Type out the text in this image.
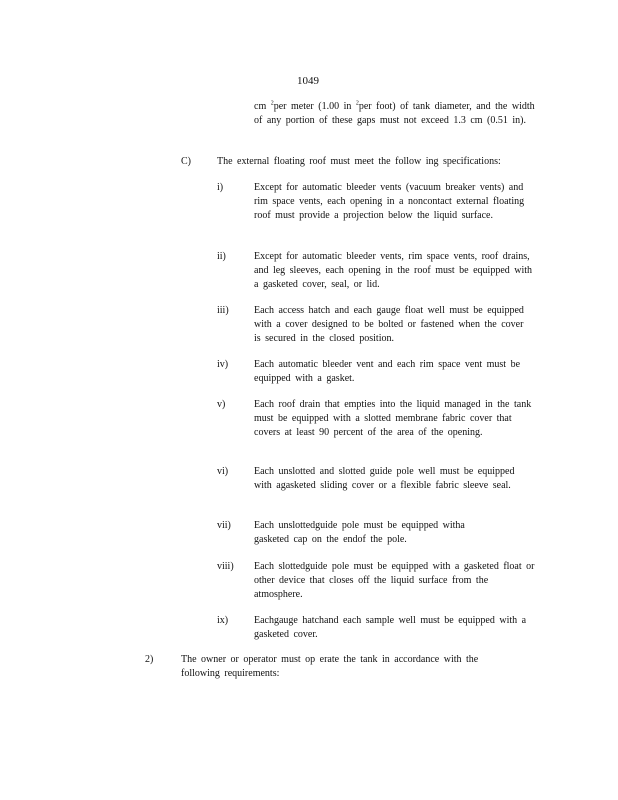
1049
cm $^2$per meter (1.00 in $^2$per foot) of tank diameter, and the width of any portion of these gaps must not exceed 1.3 cm (0.51 in).
C)	The external floating roof must meet the follow ing specifications:
i)	Except for automatic bleeder vents (vacuum breaker vents) and rim space vents, each opening in a noncontact external floating roof must provide a projection below the liquid surface.
ii)	Except for automatic bleeder vents, rim space vents, roof drains, and leg sleeves, each opening in the roof must be equipped with a gasketed cover, seal, or lid.
iii)	Each access hatch and each gauge float well must be equipped with a cover designed to be bolted or fastened when the cover is secured in the closed position.
iv)	Each automatic bleeder vent and each rim space vent must be equipped with a gasket.
v)	Each roof drain that empties into the liquid managed in the tank must be equipped with a slotted membrane fabric cover that covers at least 90 percent of the area of the opening.
vi)	Each unslotted and slotted guide pole well must be equipped with agasketed sliding cover or a flexible fabric sleeve seal.
vii) Each unslottedguide pole must be equipped witha gasketed cap on the endof the pole.
viii) Each slottedguide pole must be equipped with a gasketed float or other device that closes off the liquid surface from the atmosphere.
ix)	Eachgauge hatchand each sample well must be equipped with a gasketed cover.
2)	The owner or operator must op erate the tank in accordance with the following requirements:
